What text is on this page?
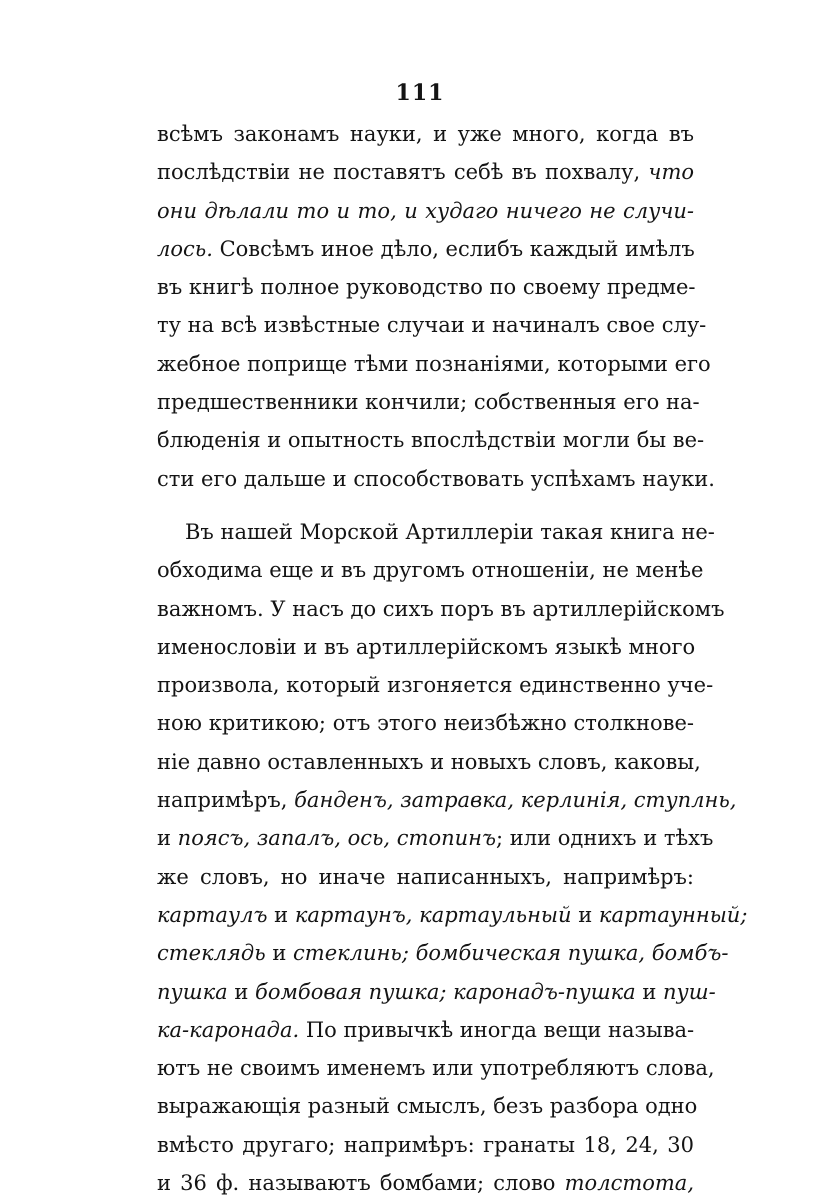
111
всѣмъ законамъ науки, и уже много, когда въ
послѣдствіи не поставятъ себѣ въ похвалу, что
они дѣлали то и то, и худаго ничего не случи-
лось. Совсѣмъ иное дѣло, еслибъ каждый имѣлъ
въ книгѣ полное руководство по своему предме-
ту на всѣ извѣстные случаи и начиналъ свое слу-
жебное поприще тѣми познаніями, которыми его
предшественники кончили; собственныя его на-
блюденія и опытность впослѣдствіи могли бы ве-
сти его дальше и способствовать успѣхамъ науки.
Въ нашей Морской Артиллеріи такая книга не-
обходима еще и въ другомъ отношеніи, не менѣе
важномъ. У насъ до сихъ поръ въ артиллерійскомъ
именословіи и въ артиллерійскомъ языкѣ много
произвола, который изгоняется единственно уче-
ною критикою; отъ этого неизбѣжно столкнове-
ніе давно оставленныхъ и новыхъ словъ, каковы,
напримѣръ, банденъ, затравка, керлинія, ступлнь,
и поясъ, запалъ, ось, стопинъ; или однихъ и тѣхъ
же словъ, но иначе написанныхъ, напримѣръ:
картаулъ и картаунъ, картаульный и картаунный;
стеклядь и стеклинь; бомбическая пушка, бомбъ-
пушка и бомбовая пушка; каронадъ-пушка и пуш-
ка-каронада. По привычкѣ иногда вещи называ-
ютъ не своимъ именемъ или употребляютъ слова,
выражающія разный смыслъ, безъ разбора одно
вмѣсто другаго; напримѣръ: гранаты 18, 24, 30
и 36 ф. называютъ бомбами; слово толстота,
